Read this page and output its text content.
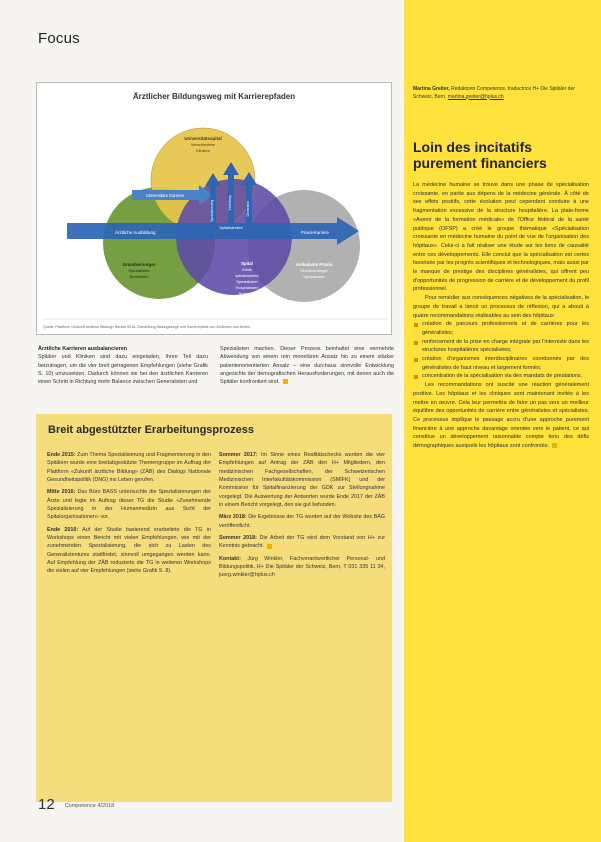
Focus
Ärztlicher Bildungsweg mit Karrierepfaden
Universitätsspital
Verschiedene
Kliniken
Universitäre Karriere
Ärztliche Ausbildung
Spitalkarriere
Praxis-Karriere
Spezialisierung	Vertiefung	Generalist
Grundversorger
Spezialisten
Ärzteinnen
Spital
Klinik
spitalbasierte
Spezialisten
Hospitalisten
Ärztinnen
Ambulante Praxis
Grundversorger
Spezialisten
Quelle: Plattform «Zukunft ärztliche Bildung» Bericht 2018. Darstellung Bildungswege und Karrierepfade von Ärztinnen und Ärzten.

Ärztliche Karrieren ausbalancieren
Spitäler und Kliniken sind dazu eingeladen, ihren Teil dazu beizutragen, um die vier breit getragenen Empfehlungen (siehe Grafik S. 10) umzusetzen. Dadurch können sie bei den ärztlichen Karrieren einen Schritt in Richtung mehr Balance zwischen Generalisten und

Spezialisten machen. Dieser Prozess beinhaltet eine vermehrte Abwendung von einem rein monetären Ansatz hin zu einem stärker patientenorientierten Ansatz – eine durchaus sinnvolle Entwicklung angesichts der demografischen Herausforderungen, mit denen auch die Spitäler konfrontiert sind.

Breit abgestützter Erarbeitungsprozess

Ende 2015: Zum Thema Spezialisierung und Fragmentierung in den Spitälern wurde eine breitabgestützte Themengruppe im Auftrag der Plattform «Zukunft ärztliche Bildung» (ZÄB) des Dialogs Nationale Gesundheitspolitik (DNG) ins Leben gerufen.

Mitte 2016: Das Büro BASS untersuchte die Spezialisierungen der Ärzte und legte im Auftrag dieser TG die Studie «Zunehmende Spezialisierung in der Humanmedizin aus Sicht der Spitalorganisationen» vor.

Ende 2016: Auf der Studie basierend erarbeitete die TG in Workshops einen Bericht mit vielen Empfehlungen, wie mit der zunehmenden Spezialisierung, die sich zu Lasten des Generalistentums stattfindet, sinnvoll umgegangen werden kann. Auf Empfehlung der ZÄB reduzierte die TG in weiteren Workshops die vielen auf vier Empfehlungen (siehe Grafik S. 8).

Sommer 2017: Im Sinne eines Realitätschecks wurden die vier Empfehlungen auf Antrag der ZÄB den H+ Mitgliedern, den medizinischen Fachgesellschaften, der Schweizerischen Medizinischen Interfakultätskommission (SMIFK) und der Kommission für Spitalfinanzierung der GDK zur Stellungnahme vorgelegt. Die Auswertung der Antworten wurde Ende 2017 der ZÄB in einem Bericht vorgelegt, den sie gut befunden.

März 2018: Die Ergebnisse der TG wurden auf der Website des BAG veröffentlicht.

Sommer 2018: Die Arbeit der TG wird dem Vorstand von H+ zur Kenntnis gebracht.

Kontakt: Jürg Winkler, Fachverantwortlicher Personal- und Bildungspolitik, H+ Die Spitäler der Schweiz, Bern, T 031 335 11 34, juerg.winkler@hplus.ch

Martina Greiter, Redaktorin Competence, traductrice H+ Die Spitäler der Schweiz, Bern, martina.greiter@hplus.ch
Loin des incitatifs purement financiers

La médecine humaine se trouve dans une phase de spécialisation croissante, en partie aux dépens de la médecine générale. À côté de ses effets positifs, cette évolution peut cependant conduire à une fragmentation excessive de la structure hospitalière. La plate-forme «Avenir de la formation médicale» de l'Office fédéral de la santé publique (OFSP) a créé le groupe thématique «Spécialisation croissante en médecine humaine du point de vue de l'organisation des hôpitaux». Celui-ci a fait réaliser une étude sur les liens de causalité entre ces développements. Elle conclut que la spécialisation est certes favorisée par les progrès scientifiques et technologiques, mais aussi par le manque de prestige des disciplines généralistes, qui offrent peu d'opportunités de progression de carrière et de développement du profil professionnel.

Pour remédier aux conséquences négatives de la spécialisation, le groupe de travail a lancé un processus de réflexion, qui a abouti à quatre recommandations réalisables au sein des hôpitaux:

création de parcours professionnels et de carrières pour les généralistes;
renforcement de la prise en charge intégrale par l'interniste dans les structures hospitalières spécialisées;
création d'organismes interdisciplinaires coordonnés par des généralistes de haut niveau et largement formés;
concentration de la spécialisation via des mandats de prestations.

Les recommandations ont suscité une réaction généralement positive. Les hôpitaux et les cliniques sont maintenant invités à les mettre en œuvre. Cela leur permettra de faire un pas vers un meilleur équilibre des opportunités de carrière entre généralistes et spécialistes. Ce processus implique le passage accru d'une approche purement financière à une approche davantage orientée vers le patient, ce qui constitue un développement raisonnable compte tenu des défis démographiques auxquels les hôpitaux sont confrontés.

12 Competence 4/2018
